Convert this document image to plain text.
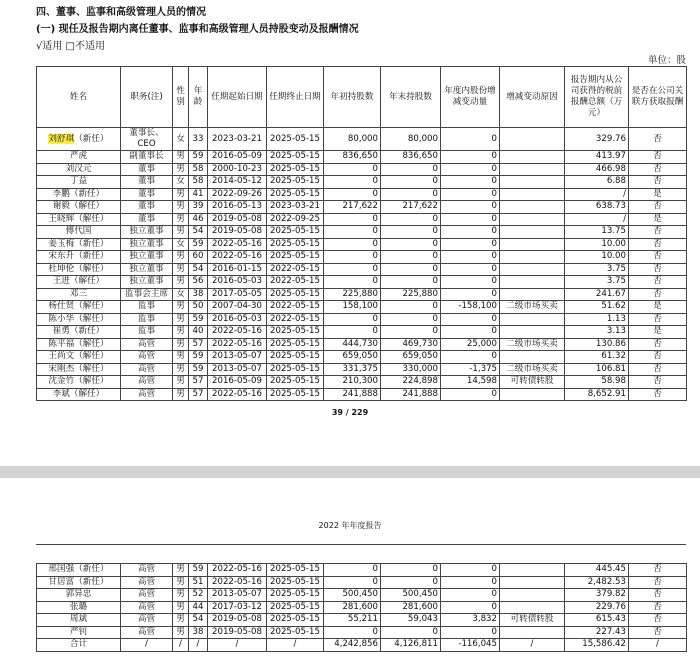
四、董事、监事和高级管理人员的情况
(一) 现任及报告期内离任董事、监事和高级管理人员持股变动及报酬情况
√适用 □不适用
单位：股
姓名	职务(注)	性别	年龄	任期起始日期	任期终止日期	年初持股数	年末持股数	年度内股份增减变动量	增减变动原因	报告期内从公司获得的税前报酬总额（万元）	是否在公司关联方获取报酬
刘舒琪（新任）	董事长、CEO	女	33	2023-03-21	2025-05-15	80,000	80,000	0		329.76	否
严虎	副董事长	男	59	2016-05-09	2025-05-15	836,650	836,650	0		413.97	否
刘汉元	董事	男	58	2000-10-23	2025-05-15	0	0	0		466.98	否
丁益	董事	女	58	2014-05-12	2025-05-15	0	0	0		6.88	否
李鹏（新任）	董事	男	41	2022-09-26	2025-05-15	0	0	0		/	是
谢毅（解任）	董事	男	39	2016-05-13	2023-03-21	217,622	217,622	0		638.73	否
王晓辉（解任）	董事	男	46	2019-05-08	2022-09-25	0	0	0		/	是
傅代国	独立董事	男	54	2019-05-08	2025-05-15	0	0	0		13.75	否
姜玉梅（新任）	独立董事	女	59	2022-05-16	2025-05-15	0	0	0		10.00	否
宋东升（新任）	独立董事	男	60	2022-05-16	2025-05-15	0	0	0		10.00	否
杜坤伦（解任）	独立董事	男	54	2016-01-15	2022-05-15	0	0	0		3.75	否
王进（解任）	独立董事	男	56	2016-05-03	2022-05-15	0	0	0		3.75	否
邓三	监事会主席	女	38	2017-05-05	2025-05-15	225,880	225,880	0		241.67	否
杨仕贤（解任）	监事	男	50	2007-04-30	2022-05-15	158,100	0	-158,100	二级市场买卖	51.62	是
陈小华（解任）	监事	男	59	2016-05-03	2022-05-15	0	0	0		1.13	否
崔勇（新任）	监事	男	40	2022-05-16	2025-05-15	0	0	0		3.13	是
陈平福（解任）	高管	男	57	2022-05-16	2025-05-15	444,730	469,730	25,000	二级市场买卖	130.86	否
王尚文（解任）	高管	男	59	2013-05-07	2025-05-15	659,050	659,050	0		61.32	否
宋刚杰（解任）	高管	男	59	2013-05-07	2025-05-15	331,375	330,000	-1,375	二级市场买卖	106.81	否
沈金竹（解任）	高管	男	57	2016-05-09	2025-05-15	210,300	224,898	14,598	可转债转股	58.98	否
李斌（解任）	高管	男	57	2022-05-16	2025-05-15	241,888	241,888	0		8,652.91	否
39 / 229
2022 年年度报告
邢国强（新任）	高管	男	59	2022-05-16	2025-05-15	0	0	0		445.45	否
甘居富（新任）	高管	男	51	2022-05-16	2025-05-15	0	0	0		2,482.53	否
郭异忠	高管	男	52	2013-05-07	2025-05-15	500,450	500,450	0		379.82	否
张璐	高管	男	44	2017-03-12	2025-05-15	281,600	281,600	0		229.76	否
周斌	高管	男	54	2019-05-08	2025-05-15	55,211	59,043	3,832	可转债转股	615.43	否
严钊	高管	男	38	2019-05-08	2025-05-15	0	0	0		227.43	否
合计	/	/	/	/	/	4,242,856	4,126,811	-116,045	/	15,586.42	/
